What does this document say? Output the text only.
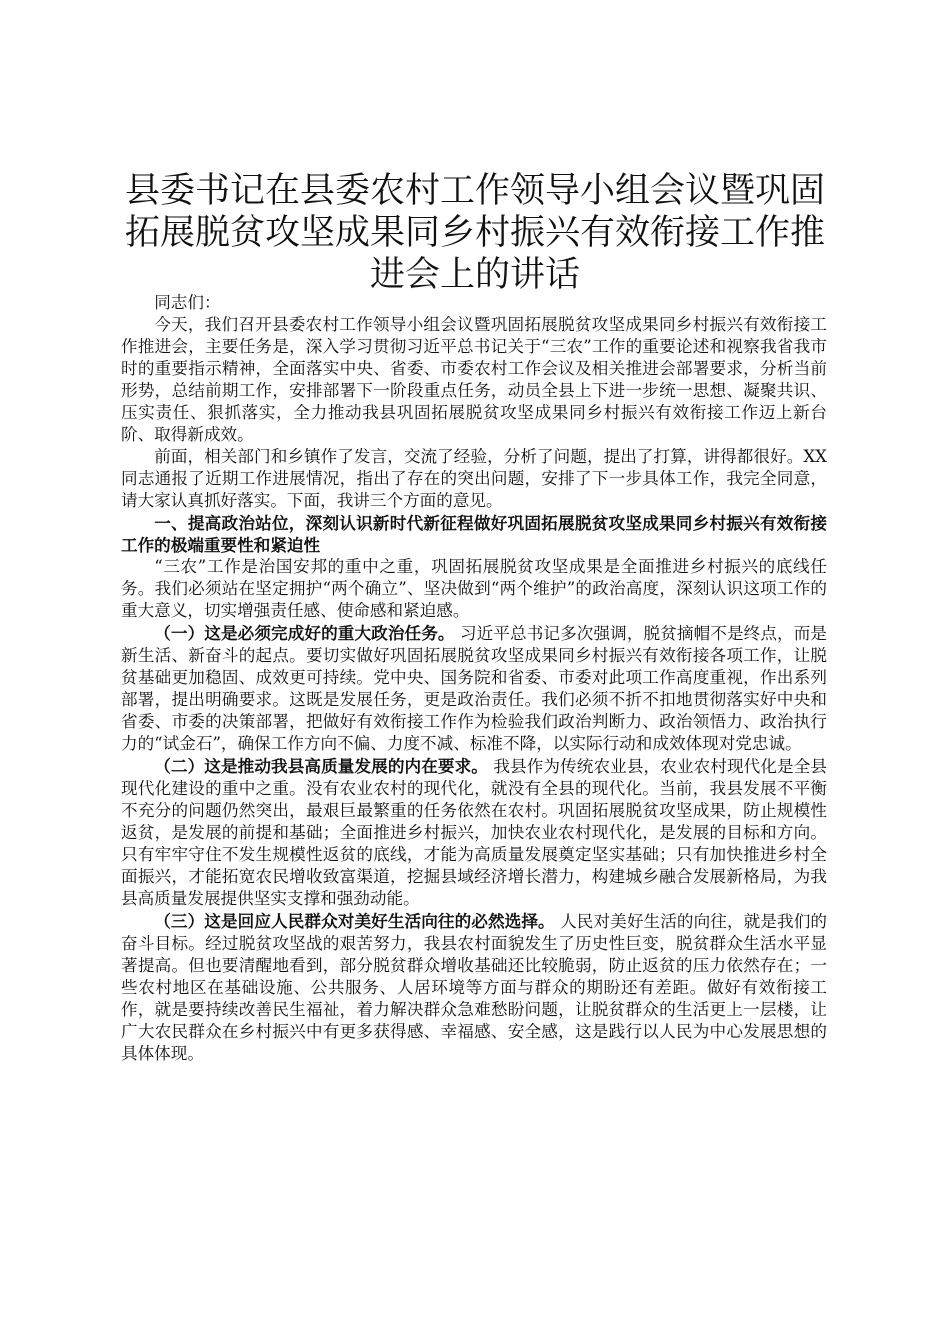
县委书记在县委农村工作领导小组会议暨巩固拓展脱贫攻坚成果同乡村振兴有效衔接工作推进会上的讲话

同志们：

今天，我们召开县委农村工作领导小组会议暨巩固拓展脱贫攻坚成果同乡村振兴有效衔接工作推进会，主要任务是，深入学习贯彻习近平总书记关于“三农”工作的重要论述和视察我省我市时的重要指示精神，全面落实中央、省委、市委农村工作会议及相关推进会部署要求，分析当前形势，总结前期工作，安排部署下一阶段重点任务，动员全县上下进一步统一思想、凝聚共识、压实责任、狠抓落实，全力推动我县巩固拓展脱贫攻坚成果同乡村振兴有效衔接工作迈上新台阶、取得新成效。

前面，相关部门和乡镇作了发言，交流了经验，分析了问题，提出了打算，讲得都很好。XX同志通报了近期工作进展情况，指出了存在的突出问题，安排了下一步具体工作，我完全同意，请大家认真抓好落实。下面，我讲三个方面的意见。

一、提高政治站位，深刻认识新时代新征程做好巩固拓展脱贫攻坚成果同乡村振兴有效衔接工作的极端重要性和紧迫性

“三农”工作是治国安邦的重中之重，巩固拓展脱贫攻坚成果是全面推进乡村振兴的底线任务。我们必须站在坚定拥护“两个确立”、坚决做到“两个维护”的政治高度，深刻认识这项工作的重大意义，切实增强责任感、使命感和紧迫感。

（一）这是必须完成好的重大政治任务。 习近平总书记多次强调，脱贫摘帽不是终点，而是新生活、新奋斗的起点。要切实做好巩固拓展脱贫攻坚成果同乡村振兴有效衔接各项工作，让脱贫基础更加稳固、成效更可持续。党中央、国务院和省委、市委对此项工作高度重视，作出系列部署，提出明确要求。这既是发展任务，更是政治责任。我们必须不折不扣地贯彻落实好中央和省委、市委的决策部署，把做好有效衔接工作作为检验我们政治判断力、政治领悟力、政治执行力的“试金石”，确保工作方向不偏、力度不减、标准不降，以实际行动和成效体现对党忠诚。

（二）这是推动我县高质量发展的内在要求。 我县作为传统农业县，农业农村现代化是全县现代化建设的重中之重。没有农业农村的现代化，就没有全县的现代化。当前，我县发展不平衡不充分的问题仍然突出，最艰巨最繁重的任务依然在农村。巩固拓展脱贫攻坚成果，防止规模性返贫，是发展的前提和基础；全面推进乡村振兴，加快农业农村现代化，是发展的目标和方向。只有牢牢守住不发生规模性返贫的底线，才能为高质量发展奠定坚实基础；只有加快推进乡村全面振兴，才能拓宽农民增收致富渠道，挖掘县域经济增长潜力，构建城乡融合发展新格局，为我县高质量发展提供坚实支撑和强劲动能。

（三）这是回应人民群众对美好生活向往的必然选择。 人民对美好生活的向往，就是我们的奋斗目标。经过脱贫攻坚战的艰苦努力，我县农村面貌发生了历史性巨变，脱贫群众生活水平显著提高。但也要清醒地看到，部分脱贫群众增收基础还比较脆弱，防止返贫的压力依然存在；一些农村地区在基础设施、公共服务、人居环境等方面与群众的期盼还有差距。做好有效衔接工作，就是要持续改善民生福祉，着力解决群众急难愁盼问题，让脱贫群众的生活更上一层楼，让广大农民群众在乡村振兴中有更多获得感、幸福感、安全感，这是践行以人民为中心发展思想的具体体现。
